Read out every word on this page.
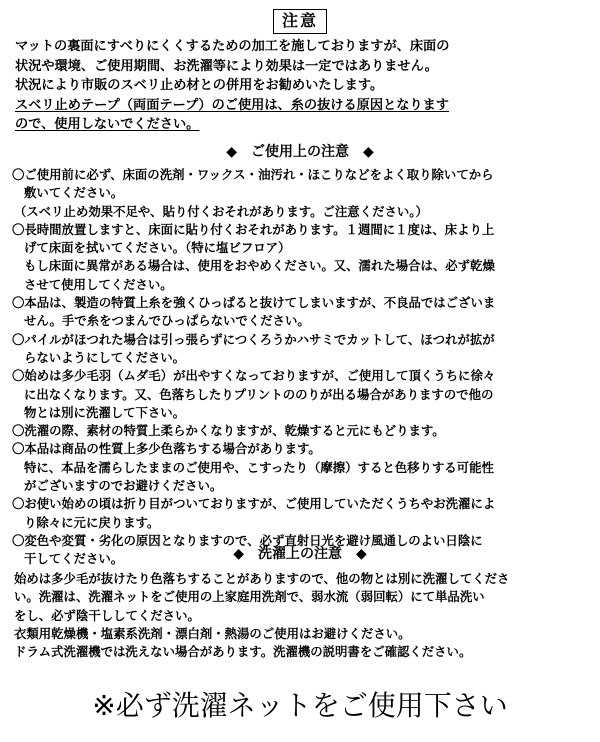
注意

マットの裏面にすべりにくくするための加工を施しておりますが、床面の

状況や環境、ご使用期間、お洗濯等により効果は一定ではありません。

状況により市販のスベリ止め材との併用をお勧めいたします。

スベリ止めテープ（両面テープ）のご使用は、糸の抜ける原因となります

ので、使用しないでください。

◆ ご使用上の注意 ◆

〇ご使用前に必ず、床面の洗剤・ワックス・油汚れ・ほこりなどをよく取り除いてから
敷いてください。

（スベリ止め効果不足や、貼り付くおそれがあります。ご注意ください。）

〇長時間放置しますと、床面に貼り付くおそれがあります。１週間に１度は、床より上
げて床面を拭いてください。（特に塩ビフロア）

もし床面に異常がある場合は、使用をおやめください。又、濡れた場合は、必ず乾燥
させて使用してください。

〇本品は、製造の特質上糸を強くひっぱると抜けてしまいますが、不良品ではございま
せん。手で糸をつまんでひっぱらないでください。

〇パイルがほつれた場合は引っ張らずにつくろうかハサミでカットして、ほつれが拡が
らないようにしてください。

〇始めは多少毛羽（ムダ毛）が出やすくなっておりますが、ご使用して頂くうちに徐々
に出なくなります。又、色落ちしたりプリントののりが出る場合がありますので他の
物とは別に洗濯して下さい。

〇洗濯の際、素材の特質上柔らかくなりますが、乾燥すると元にもどります。

〇本品は商品の性質上多少色落ちする場合があります。
特に、本品を濡らしたままのご使用や、こすったり（摩擦）すると色移りする可能性
がございますのでお避けください。

〇お使い始めの頃は折り目がついておりますが、ご使用していただくうちやお洗濯によ
り除々に元に戻ります。

〇変色や変質・劣化の原因となりますので、必ず直射日光を避け風通しのよい日陰に
干してください。	◆ 洗濯上の注意 ◆

始めは多少毛が抜けたり色落ちすることがありますので、他の物とは別に洗濯してくださ

い。洗濯は、洗濯ネットをご使用の上家庭用洗剤で、弱水流（弱回転）にて単品洗い

をし、必ず陰干ししてください。

衣類用乾燥機・塩素系洗剤・漂白剤・熱湯のご使用はお避けください。

ドラム式洗濯機では洗えない場合があります。洗濯機の説明書をご確認ください。

※必ず洗濯ネットをご使用下さい
